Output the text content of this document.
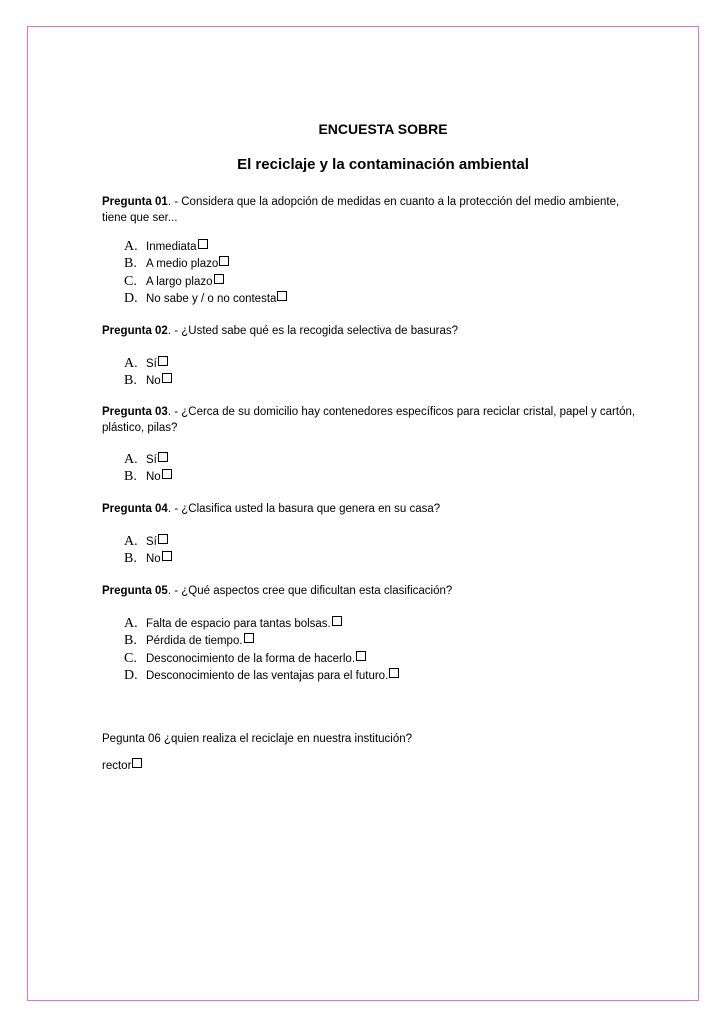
ENCUESTA SOBRE
El reciclaje y la contaminación ambiental
Pregunta 01. - Considera que la adopción de medidas en cuanto a la protección del medio ambiente, tiene que ser...
A. Inmediata
B. A medio plazo
C. A largo plazo
D. No sabe y / o no contesta
Pregunta 02. - ¿Usted sabe qué es la recogida selectiva de basuras?
A. Sí
B. No
Pregunta 03. - ¿Cerca de su domicilio hay contenedores específicos para reciclar cristal, papel y cartón, plástico, pilas?
A. Sí
B. No
Pregunta 04. - ¿Clasifica usted la basura que genera en su casa?
A. Sí
B. No
Pregunta 05. - ¿Qué aspectos cree que dificultan esta clasificación?
A. Falta de espacio para tantas bolsas.
B. Pérdida de tiempo.
C. Desconocimiento de la forma de hacerlo.
D. Desconocimiento de las ventajas para el futuro.
Pegunta 06 ¿quien realiza el reciclaje en nuestra institución?
rector
